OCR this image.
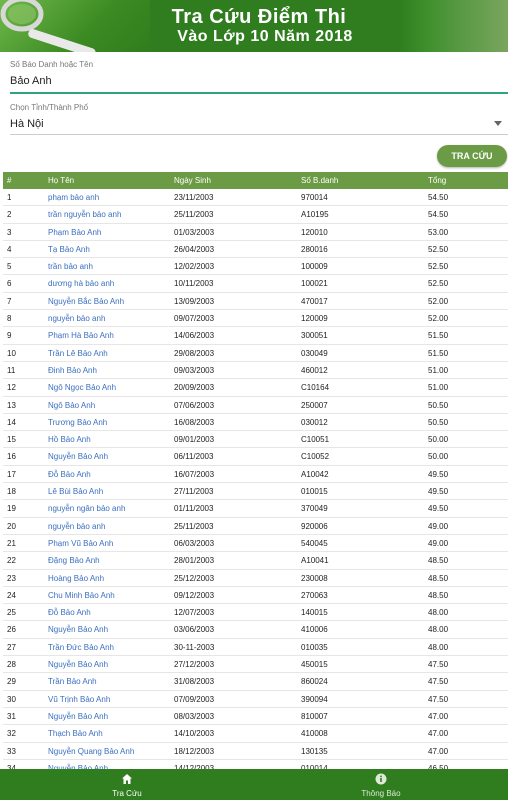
Tra Cứu Điểm Thi
Vào Lớp 10 Năm 2018
Số Báo Danh hoặc Tên
Bảo Anh
Chọn Tỉnh/Thành Phố
Hà Nội
TRA CỨU
#	Họ Tên	Ngày Sinh	Số B.danh	Tổng
1	phạm bảo anh	23/11/2003	970014	54.50
2	trần nguyễn bảo anh	25/11/2003	A10195	54.50
3	Phạm Bảo Anh	01/03/2003	120010	53.00
4	Tạ Bảo Anh	26/04/2003	280016	52.50
5	trần bảo anh	12/02/2003	100009	52.50
6	dương hà bảo anh	10/11/2003	100021	52.50
7	Nguyễn Bắc Bảo Anh	13/09/2003	470017	52.00
8	nguyễn bảo anh	09/07/2003	120009	52.00
9	Phạm Hà Bảo Anh	14/06/2003	300051	51.50
10	Trần Lê Bảo Anh	29/08/2003	030049	51.50
11	Đinh Bảo Anh	09/03/2003	460012	51.00
12	Ngô Ngọc Bảo Anh	20/09/2003	C10164	51.00
13	Ngô Bảo Anh	07/06/2003	250007	50.50
14	Trương Bảo Anh	16/08/2003	030012	50.50
15	Hồ Bảo Anh	09/01/2003	C10051	50.00
16	Nguyễn Bảo Anh	06/11/2003	C10052	50.00
17	Đỗ Bảo Anh	16/07/2003	A10042	49.50
18	Lê Bùi Bảo Anh	27/11/2003	010015	49.50
19	nguyễn ngân bảo anh	01/11/2003	370049	49.50
20	nguyễn bảo anh	25/11/2003	920006	49.00
21	Phạm Vũ Bảo Anh	06/03/2003	540045	49.00
22	Đặng Bảo Anh	28/01/2003	A10041	48.50
23	Hoàng Bảo Anh	25/12/2003	230008	48.50
24	Chu Minh Bảo Anh	09/12/2003	270063	48.50
25	Đỗ Bảo Anh	12/07/2003	140015	48.00
26	Nguyễn Bảo Anh	03/06/2003	410006	48.00
27	Trần Đức Bảo Anh	30-11-2003	010035	48.00
28	Nguyễn Bảo Anh	27/12/2003	450015	47.50
29	Trần Bảo Anh	31/08/2003	860024	47.50
30	Vũ Trịnh Bảo Anh	07/09/2003	390094	47.50
31	Nguyễn Bảo Anh	08/03/2003	810007	47.00
32	Thạch Bảo Anh	14/10/2003	410008	47.00
33	Nguyễn Quang Bảo Anh	18/12/2003	130135	47.00
Tra Cứu	Thông Báo
